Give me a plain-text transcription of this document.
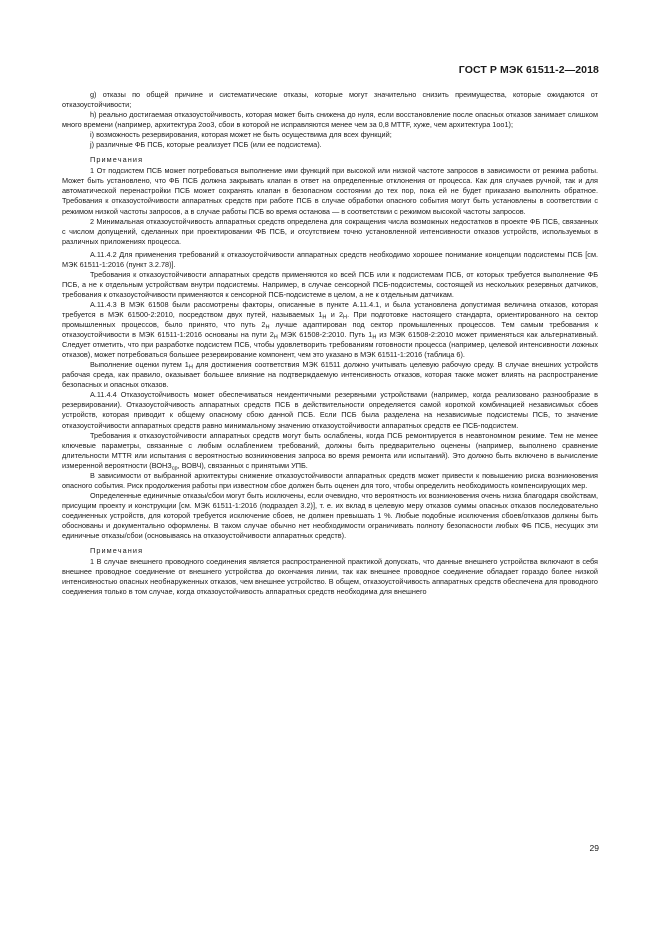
ГОСТ Р МЭК 61511-2—2018

g) отказы по общей причине и систематические отказы, которые могут значительно снизить преимущества, которые ожидаются от отказоустойчивости;

h) реально достигаемая отказоустойчивость, которая может быть снижена до нуля, если восстановление после опасных отказов занимает слишком много времени (например, архитектура 2оо3, сбои в которой не исправляются менее чем за 0,8 MTTF, хуже, чем архитектура 1оо1);

i) возможность резервирования, которая может не быть осуществима для всех функций;

j) различные ФБ ПСБ, которые реализует ПСБ (или ее подсистема).

Примечания

1 От подсистем ПСБ может потребоваться выполнение ими функций при высокой или низкой частоте запросов в зависимости от режима работы. Может быть установлено, что ФБ ПСБ должна закрывать клапан в ответ на определенные отклонения от процесса. Как для случаев ручной, так и для автоматической перенастройки ПСБ может сохранять клапан в безопасном состоянии до тех пор, пока ей не будет приказано выполнить обратное. Требования к отказоустойчивости аппаратных средств при работе ПСБ в случае обработки опасного события могут быть установлены в соответствии с режимом низкой частоты запросов, а в случае работы ПСБ во время останова — в соответствии с режимом высокой частоты запросов.

2 Минимальная отказоустойчивость аппаратных средств определена для сокращения числа возможных недостатков в проекте ФБ ПСБ, связанных с числом допущений, сделанных при проектировании ФБ ПСБ, и отсутствием точно установленной интенсивности отказов устройств, используемых в различных приложениях процесса.

А.11.4.2 Для применения требований к отказоустойчивости аппаратных средств необходимо хорошее понимание концепции подсистемы ПСБ [см. МЭК 61511-1:2016 (пункт 3.2.78)].

Требования к отказоустойчивости аппаратных средств применяются ко всей ПСБ или к подсистемам ПСБ, от которых требуется выполнение ФБ ПСБ, а не к отдельным устройствам внутри подсистемы. Например, в случае сенсорной ПСБ-подсистемы, состоящей из нескольких резервных датчиков, требования к отказоустойчивости применяются к сенсорной ПСБ-подсистеме в целом, а не к отдельным датчикам.

А.11.4.3 В МЭК 61508 были рассмотрены факторы, описанные в пункте А.11.4.1, и была установлена допустимая величина отказов, которая требуется в МЭК 61500-2:2010, посредством двух путей, называемых $1_H$ и $2_H$. При подготовке настоящего стандарта, ориентированного на сектор промышленных процессов, было принято, что путь $2_H$ лучше адаптирован под сектор промышленных процессов. Тем самым требования к отказоустойчивости в МЭК 61511-1:2016 основаны на пути $2_H$ МЭК 61508-2:2010. Путь $1_H$ из МЭК 61508-2:2010 может применяться как альтернативный. Следует отметить, что при разработке подсистем ПСБ, чтобы удовлетворить требованиям готовности процесса (например, целевой интенсивности ложных отказов), может потребоваться большее резервирование компонент, чем это указано в МЭК 61511-1:2016 (таблица 6).

Выполнение оценки путем $1_H$ для достижения соответствия МЭК 61511 должно учитывать целевую рабочую среду. В случае внешних устройств рабочая среда, как правило, оказывает большее влияние на подтверждаемую интенсивность отказов, которая также может влиять на распространение безопасных и опасных отказов.

А.11.4.4 Отказоустойчивость может обеспечиваться неидентичными резервными устройствами (например, когда реализовано разнообразие в резервировании). Отказоустойчивость аппаратных средств ПСБ в действительности определяется самой короткой комбинацией независимых сбоев устройств, которая приводит к общему опасному сбою данной ПСБ. Если ПСБ была разделена на независимые подсистемы ПСБ, то значение отказоустойчивости аппаратных средств равно минимальному значению отказоустойчивости аппаратных средств ее ПСБ-подсистем.

Требования к отказоустойчивости аппаратных средств могут быть ослаблены, когда ПСБ ремонтируется в неавтономном режиме. Тем не менее ключевые параметры, связанные с любым ослаблением требований, должны быть предварительно оценены (например, выполнено сравнение длительности MTTR или испытания с вероятностью возникновения запроса во время ремонта или испытаний). Это должно быть включено в вычисление измеренной вероятности ($ВОНЗ_{ср}$, ВОВЧ), связанных с принятыми УПБ.

В зависимости от выбранной архитектуры снижение отказоустойчивости аппаратных средств может привести к повышению риска возникновения опасного события. Риск продолжения работы при известном сбое должен быть оценен для того, чтобы определить необходимость компенсирующих мер.

Определенные единичные отказы/сбои могут быть исключены, если очевидно, что вероятность их возникновения очень низка благодаря свойствам, присущим проекту и конструкции [см. МЭК 61511-1:2016 (подраздел 3.2)], т. е. их вклад в целевую меру отказов суммы опасных отказов последовательно соединенных устройств, для которой требуется исключение сбоев, не должен превышать 1 %. Любые подобные исключения сбоев/отказов должны быть обоснованы и документально оформлены. В таком случае обычно нет необходимости ограничивать полноту безопасности любых ФБ ПСБ, несущих эти единичные отказы/сбои (основываясь на отказоустойчивости аппаратных средств).

Примечания

1 В случае внешнего проводного соединения является распространенной практикой допускать, что данные внешнего устройства включают в себя внешнее проводное соединение от внешнего устройства до окончания линии, так как внешнее проводное соединение обладает гораздо более низкой интенсивностью опасных необнаруженных отказов, чем внешнее устройство. В общем, отказоустойчивость аппаратных средств обеспечена для проводного соединения только в том случае, когда отказоустойчивость аппаратных средств необходима для внешнего

29
